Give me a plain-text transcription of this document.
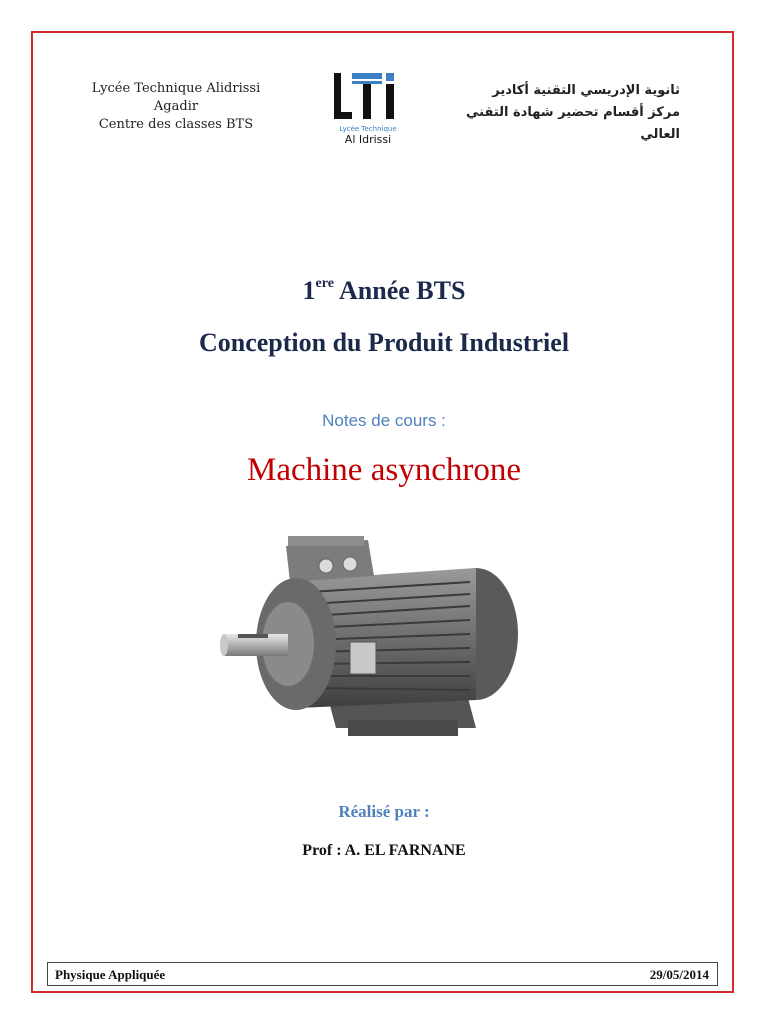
Lycée Technique Alidrissi
Agadir
Centre des classes BTS	Lycée Technique
Al Idrissi
ثانوية الإدريسي التقنية أكادير
مركز أقسام تحضير شهادة التقني العالي
1ere Année BTS
Conception du Produit Industriel
Notes de cours :
Machine asynchrone
Réalisé par :
Prof : A. EL FARNANE
Physique Appliquée	29/05/2014
